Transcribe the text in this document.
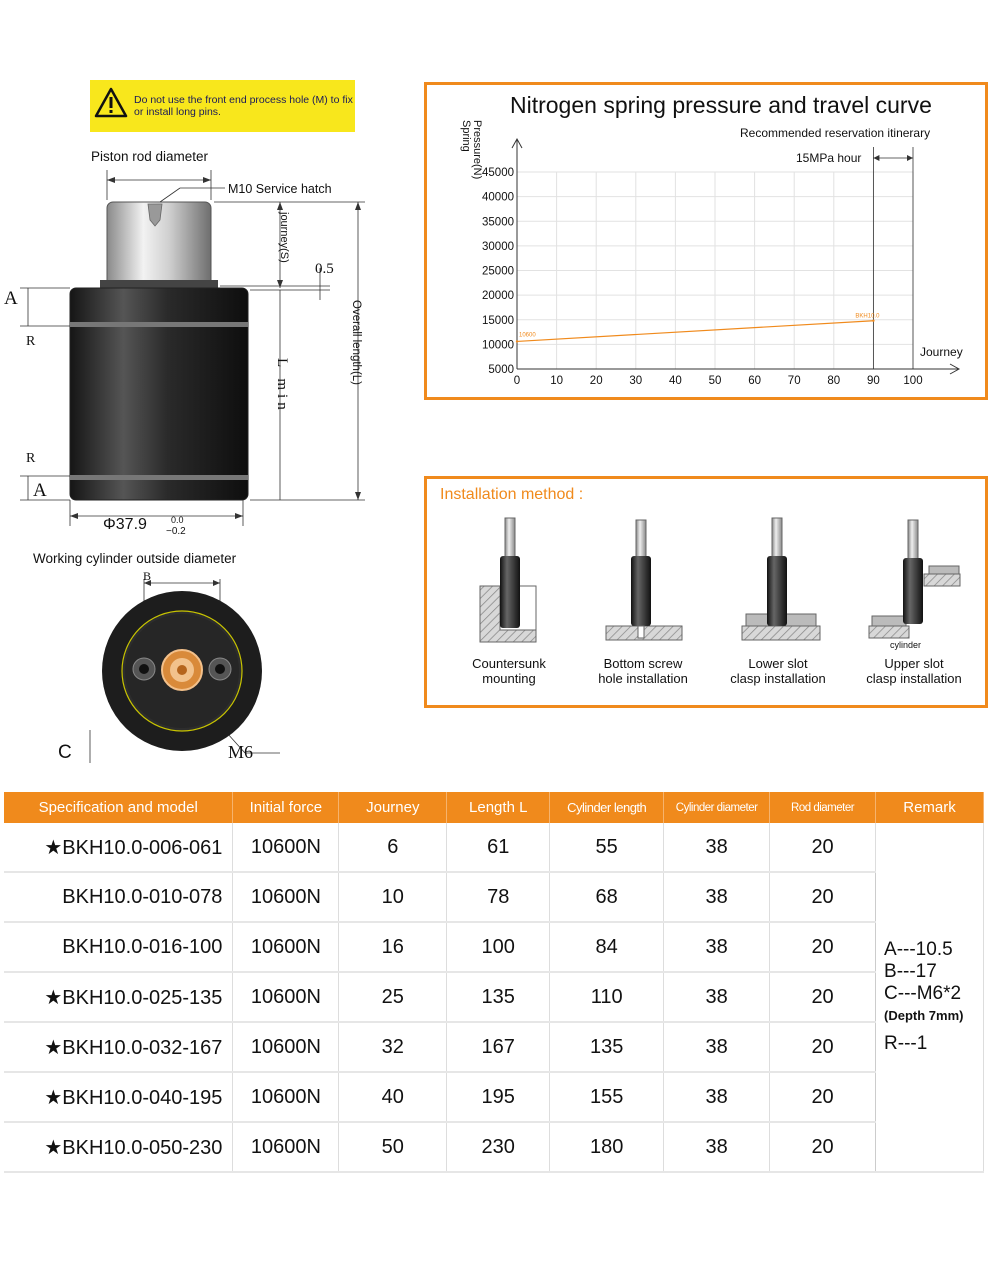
Do not use the front end process hole (M) to fix or install long pins.
Piston rod diameter
M10 Service hatch
journey(S)
0.5
Overall length(L)
L min
A
R
R
A
Φ37.9	0.0
−0.2
Working cylinder outside diameter
B
C	M6
Nitrogen spring pressure and travel curve
Recommended reservation itinerary
15MPa hour
Spring Pressure(N)
Journey
0	10 20 30 40 50 60 70 80 90 100
5000
10000
15000
20000
25000
30000
35000
40000
45000
10600
BKH10.0
Installation method :
cylinder
Countersunk
mounting
Bottom screw
hole installation
Lower slot
clasp installation
Upper slot
clasp installation
Specification and model	Initial force	Journey	Length L	Cylinder length	Cylinder diameter	Rod diameter	Remark
★BKH10.0-006-061	10600N	6	61	55	38	20	A---10.5
B---17
C---M6*2
(Depth 7mm)
R---1

BKH10.0-010-078	10600N	10	78	68	38	20	
BKH10.0-016-100	10600N	16	100	84	38	20	
★BKH10.0-025-135	10600N	25	135	110	38	20	
★BKH10.0-032-167	10600N	32	167	135	38	20	
★BKH10.0-040-195	10600N	40	195	155	38	20	
★BKH10.0-050-230	10600N	50	230	180	38	20	
